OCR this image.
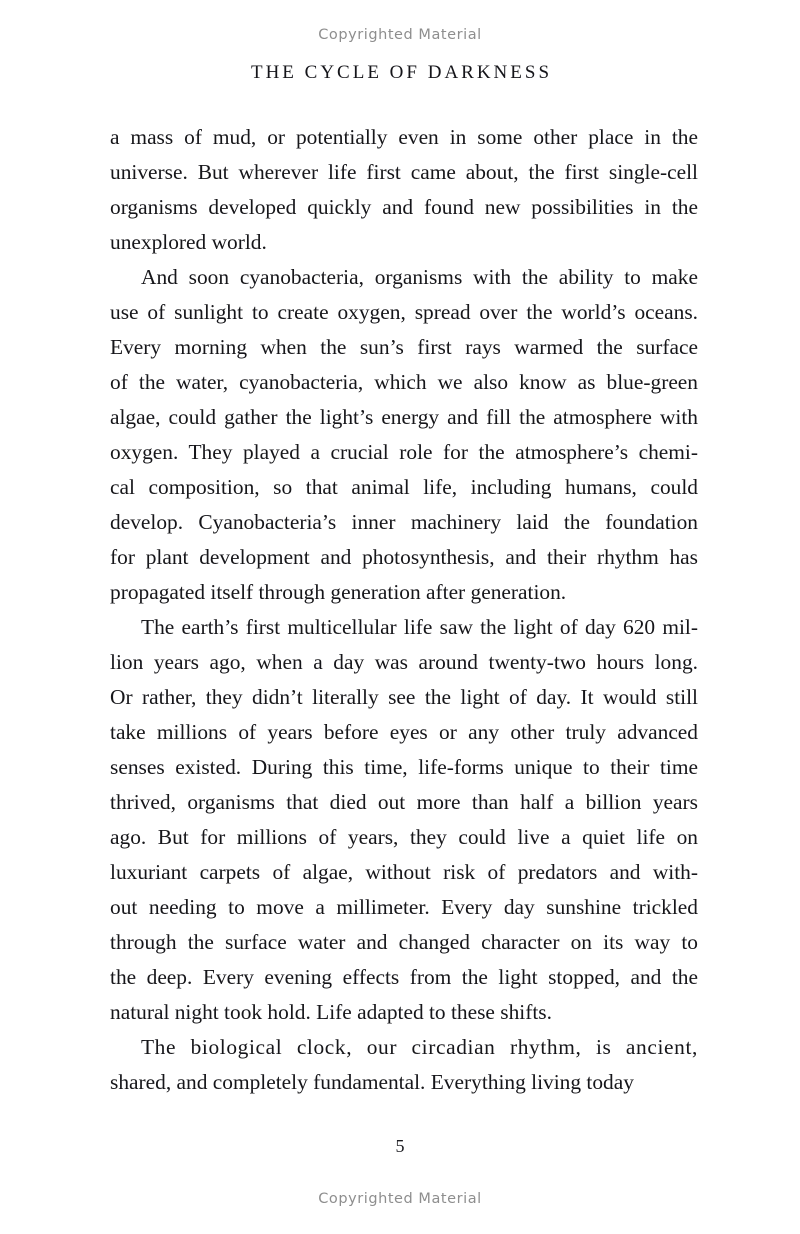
Copyrighted Material
THE CYCLE OF DARKNESS

a mass of mud, or potentially even in some other place in the
universe. But wherever life first came about, the first single-cell
organisms developed quickly and found new possibilities in the
unexplored world.

And soon cyanobacteria, organisms with the ability to make
use of sunlight to create oxygen, spread over the world’s oceans.
Every morning when the sun’s first rays warmed the surface
of the water, cyanobacteria, which we also know as blue-green
algae, could gather the light’s energy and fill the atmosphere with
oxygen. They played a crucial role for the atmosphere’s chemi-
cal composition, so that animal life, including humans, could
develop. Cyanobacteria’s inner machinery laid the foundation
for plant development and photosynthesis, and their rhythm has
propagated itself through generation after generation.

The earth’s first multicellular life saw the light of day 620 mil-
lion years ago, when a day was around twenty-two hours long.
Or rather, they didn’t literally see the light of day. It would still
take millions of years before eyes or any other truly advanced
senses existed. During this time, life-forms unique to their time
thrived, organisms that died out more than half a billion years
ago. But for millions of years, they could live a quiet life on
luxuriant carpets of algae, without risk of predators and with-
out needing to move a millimeter. Every day sunshine trickled
through the surface water and changed character on its way to
the deep. Every evening effects from the light stopped, and the
natural night took hold. Life adapted to these shifts.

The biological clock, our circadian rhythm, is ancient,
shared, and completely fundamental. Everything living today

5
Copyrighted Material
